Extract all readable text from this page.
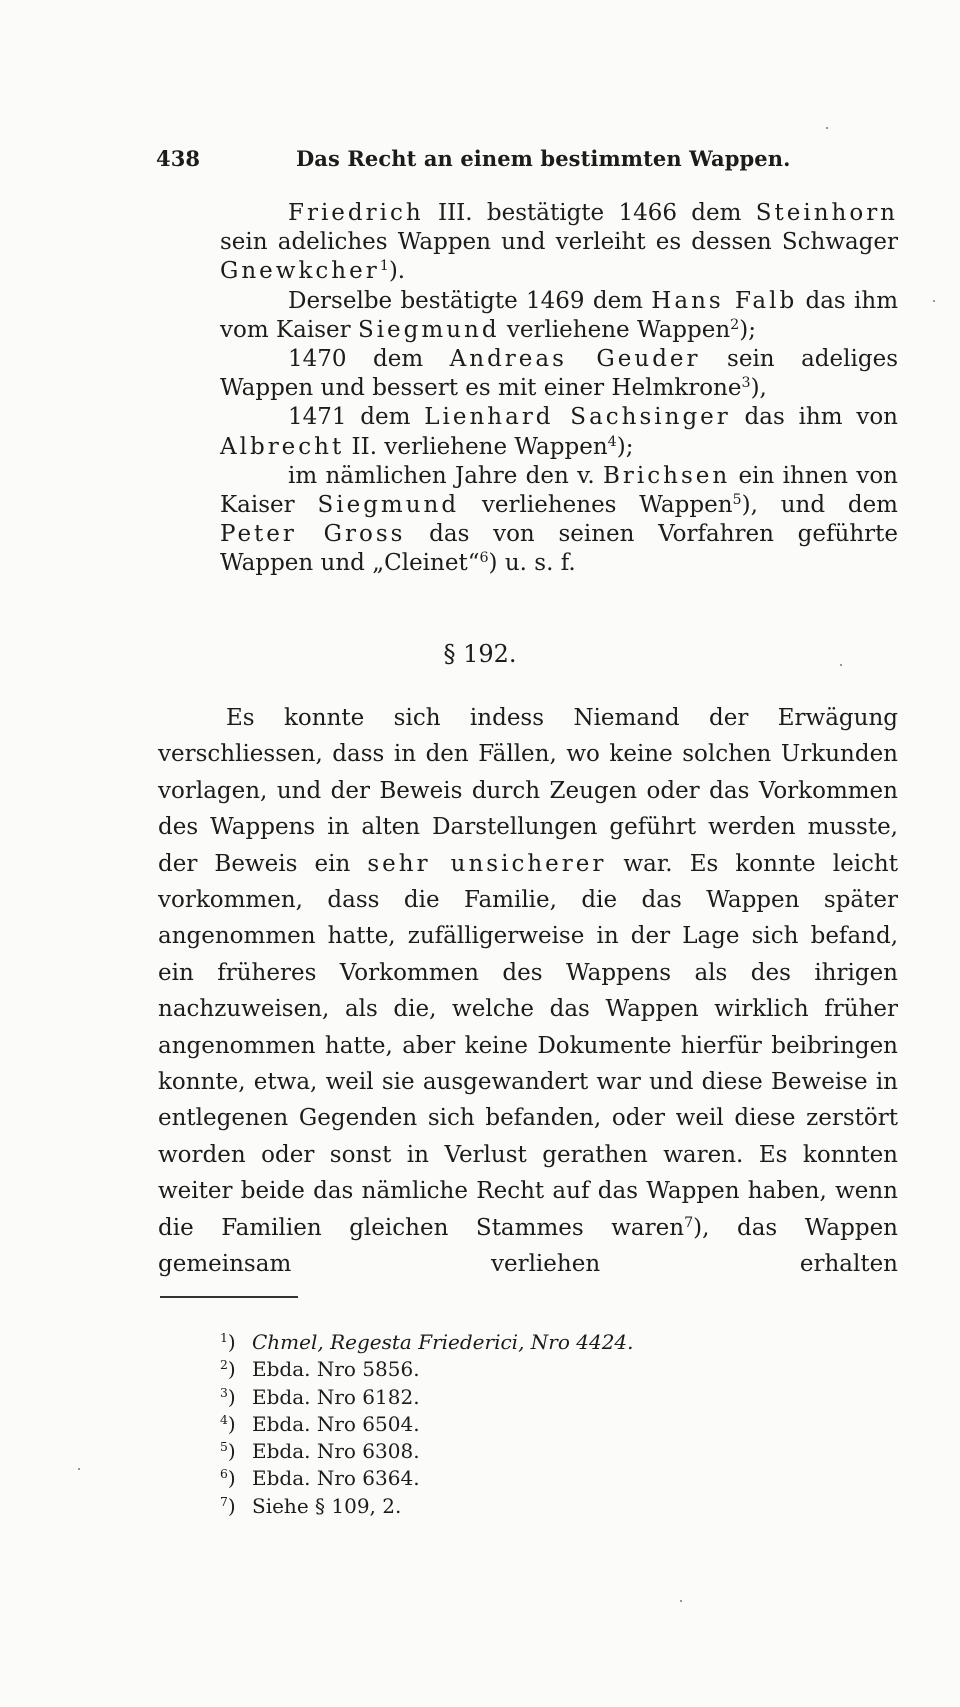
438	Das Recht an einem bestimmten Wappen.

Friedrich III. bestätigte 1466 dem Steinhorn sein adeliches Wappen und verleiht es dessen Schwager Gnewkcher$^1$).

Derselbe bestätigte 1469 dem Hans Falb das ihm vom Kaiser Siegmund verliehene Wappen$^2$);

1470 dem Andreas Geuder sein adeliges Wappen und bessert es mit einer Helmkrone$^3$),

1471 dem Lienhard Sachsinger das ihm von Albrecht II. verliehene Wappen$^4$);

im nämlichen Jahre den v. Brichsen ein ihnen von Kaiser Siegmund verliehenes Wappen$^5$), und dem Peter Gross das von seinen Vorfahren geführte Wappen und „Cleinet“$^6$) u. s. f.

§ 192.

Es konnte sich indess Niemand der Erwägung verschliessen, dass in den Fällen, wo keine solchen Urkunden vorlagen, und der Beweis durch Zeugen oder das Vorkommen des Wappens in alten Darstellungen geführt werden musste, der Beweis ein sehr unsicherer war. Es konnte leicht vorkommen, dass die Familie, die das Wappen später angenommen hatte, zufälligerweise in der Lage sich befand, ein früheres Vorkommen des Wappens als des ihrigen nachzuweisen, als die, welche das Wappen wirklich früher angenommen hatte, aber keine Dokumente hierfür beibringen konnte, etwa, weil sie ausgewandert war und diese Beweise in entlegenen Gegenden sich befanden, oder weil diese zerstört worden oder sonst in Verlust gerathen waren. Es konnten weiter beide das nämliche Recht auf das Wappen haben, wenn die Familien gleichen Stammes waren$^7$), das Wappen gemeinsam verliehen erhalten

$^1$) Chmel, Regesta Friederici, Nro 4424.
$^2$) Ebda. Nro 5856.
$^3$) Ebda. Nro 6182.
$^4$) Ebda. Nro 6504.
$^5$) Ebda. Nro 6308.
$^6$) Ebda. Nro 6364.
$^7$) Siehe § 109, 2.
